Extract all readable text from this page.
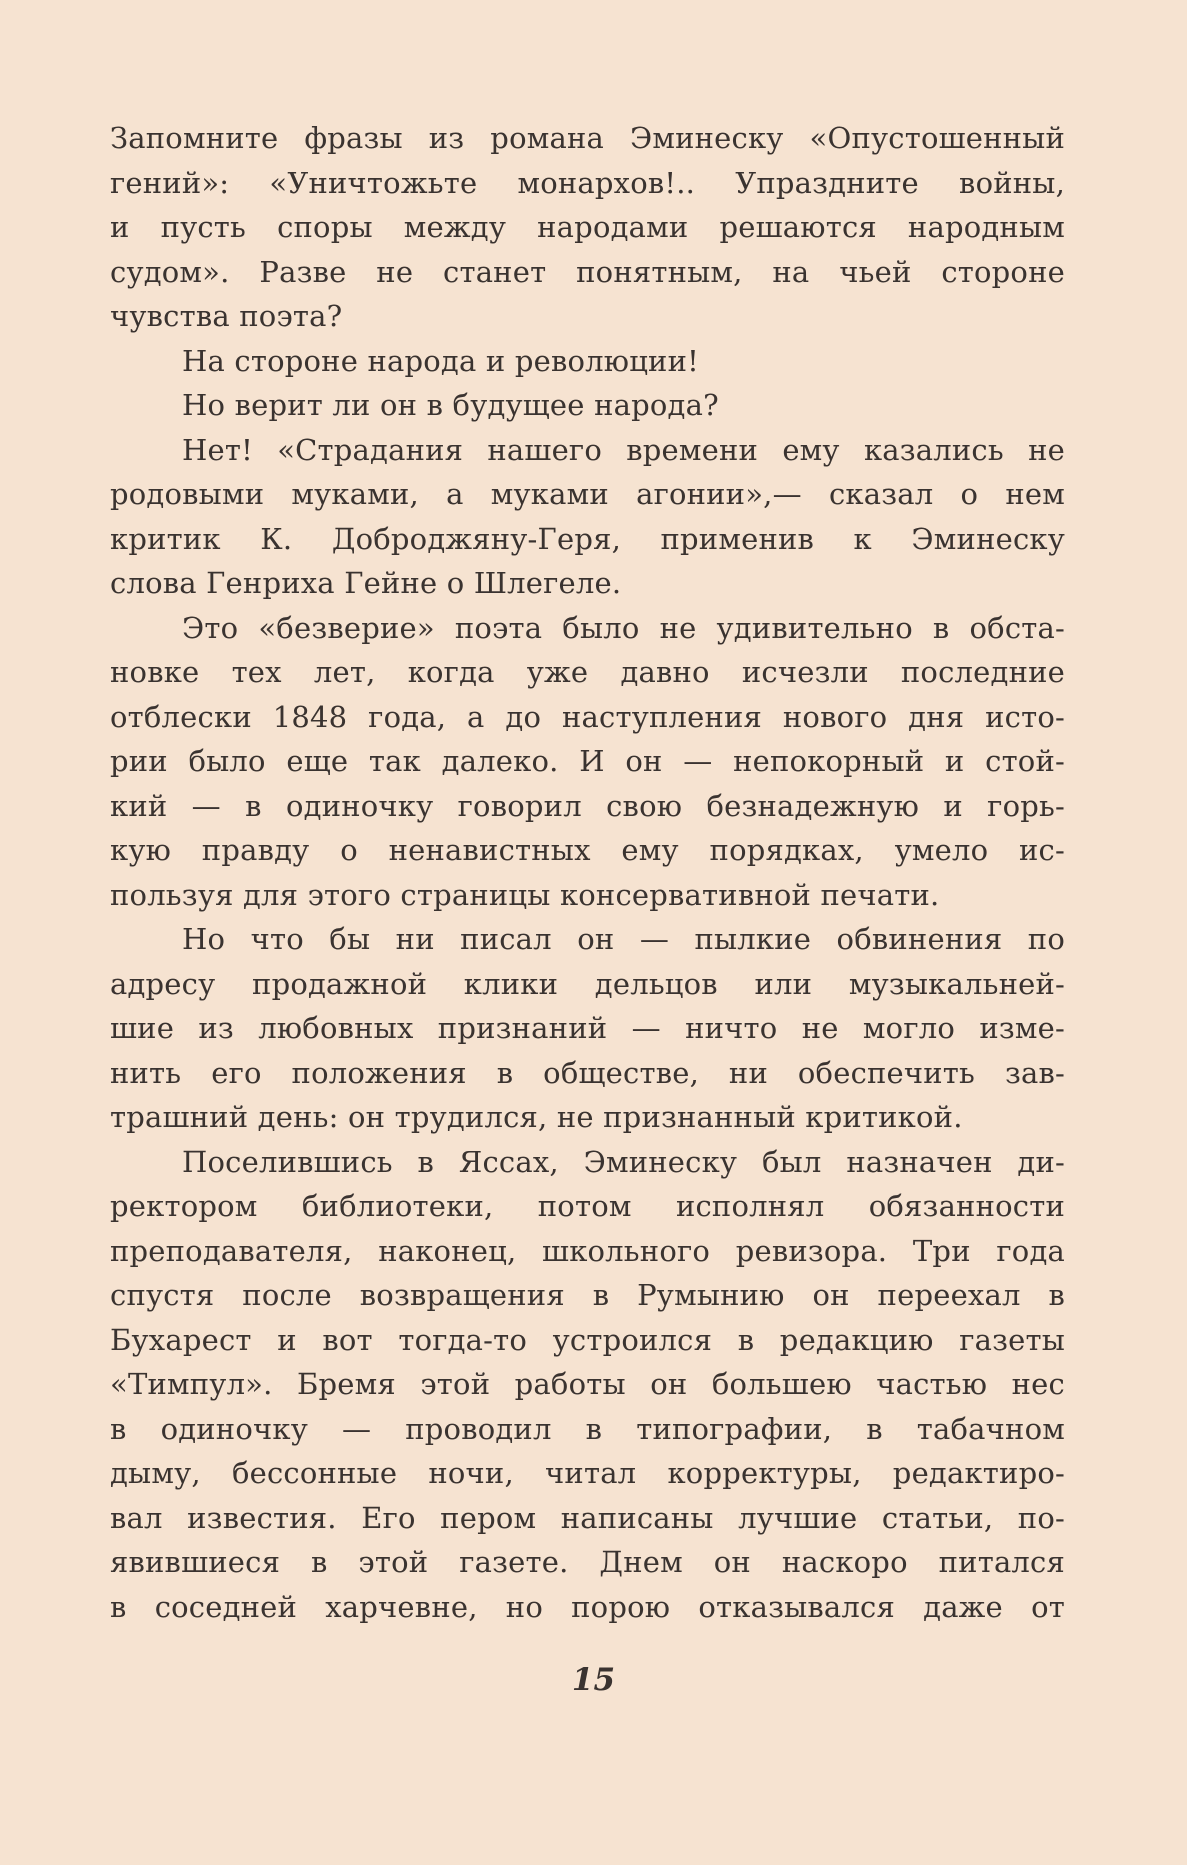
Запомните фразы из романа Эминеску «Опустошенный
гений»: «Уничтожьте монархов!.. Упраздните войны,
и пусть споры между народами решаются народным
судом». Разве не станет понятным, на чьей стороне
чувства поэта?
На стороне народа и революции!
Но верит ли он в будущее народа?
Нет! «Страдания нашего времени ему казались не
родовыми муками, а муками агонии»,— сказал о нем
критик К. Доброджяну-Геря, применив к Эминеску
слова Генриха Гейне о Шлегеле.
Это «безверие» поэта было не удивительно в обста-
новке тех лет, когда уже давно исчезли последние
отблески 1848 года, а до наступления нового дня исто-
рии было еще так далеко. И он — непокорный и стой-
кий — в одиночку говорил свою безнадежную и горь-
кую правду о ненавистных ему порядках, умело ис-
пользуя для этого страницы консервативной печати.
Но что бы ни писал он — пылкие обвинения по
адресу продажной клики дельцов или музыкальней-
шие из любовных признаний — ничто не могло изме-
нить его положения в обществе, ни обеспечить зав-
трашний день: он трудился, не признанный критикой.
Поселившись в Яссах, Эминеску был назначен ди-
ректором библиотеки, потом исполнял обязанности
преподавателя, наконец, школьного ревизора. Три года
спустя после возвращения в Румынию он переехал в
Бухарест и вот тогда-то устроился в редакцию газеты
«Тимпул». Бремя этой работы он большею частью нес
в одиночку — проводил в типографии, в табачном
дыму, бессонные ночи, читал корректуры, редактиро-
вал известия. Его пером написаны лучшие статьи, по-
явившиеся в этой газете. Днем он наскоро питался
в соседней харчевне, но порою отказывался даже от
15
